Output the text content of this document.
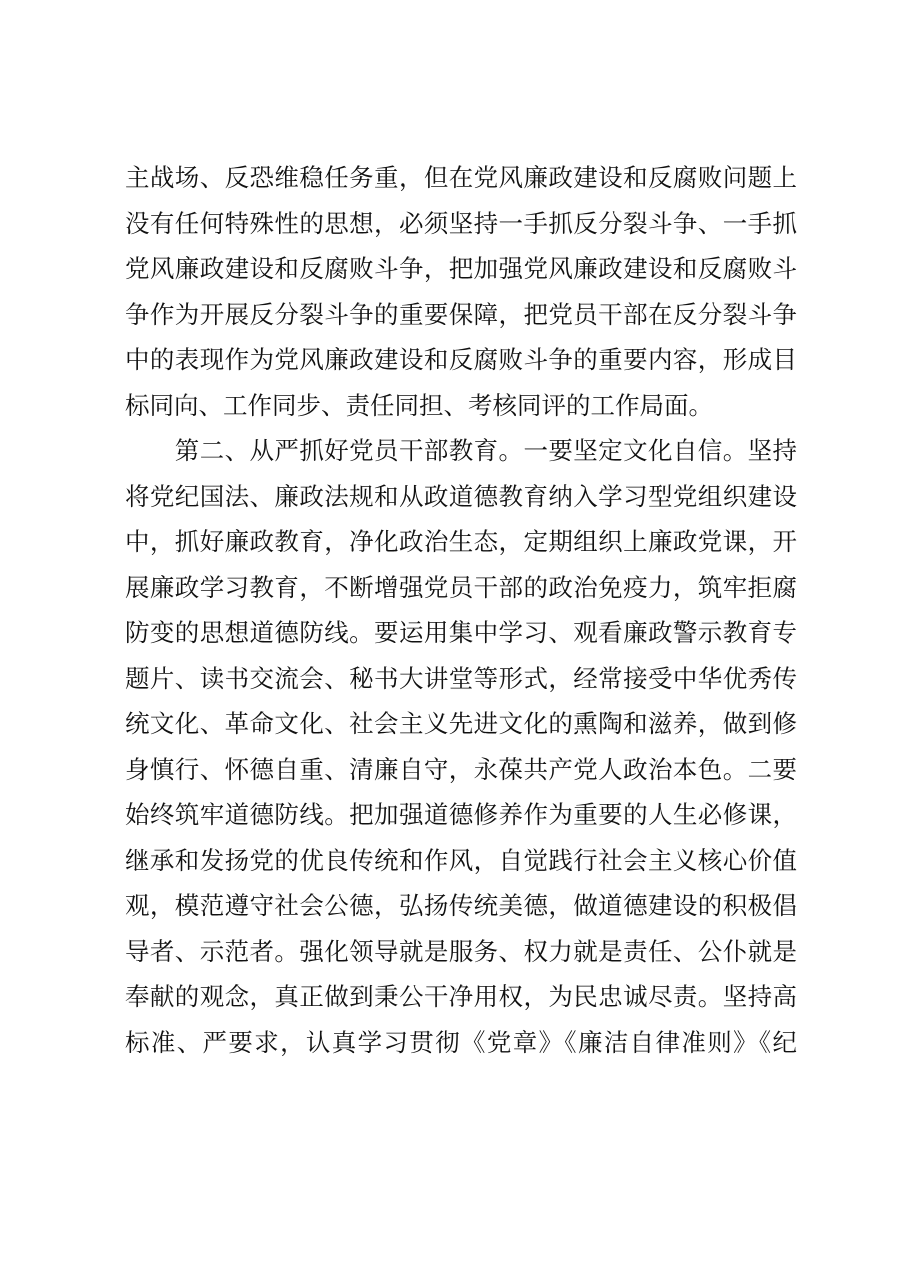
主战场、反恐维稳任务重，但在党风廉政建设和反腐败问题上
没有任何特殊性的思想，必须坚持一手抓反分裂斗争、一手抓
党风廉政建设和反腐败斗争，把加强党风廉政建设和反腐败斗
争作为开展反分裂斗争的重要保障，把党员干部在反分裂斗争
中的表现作为党风廉政建设和反腐败斗争的重要内容，形成目
标同向、工作同步、责任同担、考核同评的工作局面。
　　第二、从严抓好党员干部教育。一要坚定文化自信。坚持
将党纪国法、廉政法规和从政道德教育纳入学习型党组织建设
中，抓好廉政教育，净化政治生态，定期组织上廉政党课，开
展廉政学习教育，不断增强党员干部的政治免疫力，筑牢拒腐
防变的思想道德防线。要运用集中学习、观看廉政警示教育专
题片、读书交流会、秘书大讲堂等形式，经常接受中华优秀传
统文化、革命文化、社会主义先进文化的熏陶和滋养，做到修
身慎行、怀德自重、清廉自守，永葆共产党人政治本色。二要
始终筑牢道德防线。把加强道德修养作为重要的人生必修课，
继承和发扬党的优良传统和作风，自觉践行社会主义核心价值
观，模范遵守社会公德，弘扬传统美德，做道德建设的积极倡
导者、示范者。强化领导就是服务、权力就是责任、公仆就是
奉献的观念，真正做到秉公干净用权，为民忠诚尽责。坚持高
标准、严要求，认真学习贯彻《党章》《廉洁自律准则》《纪
